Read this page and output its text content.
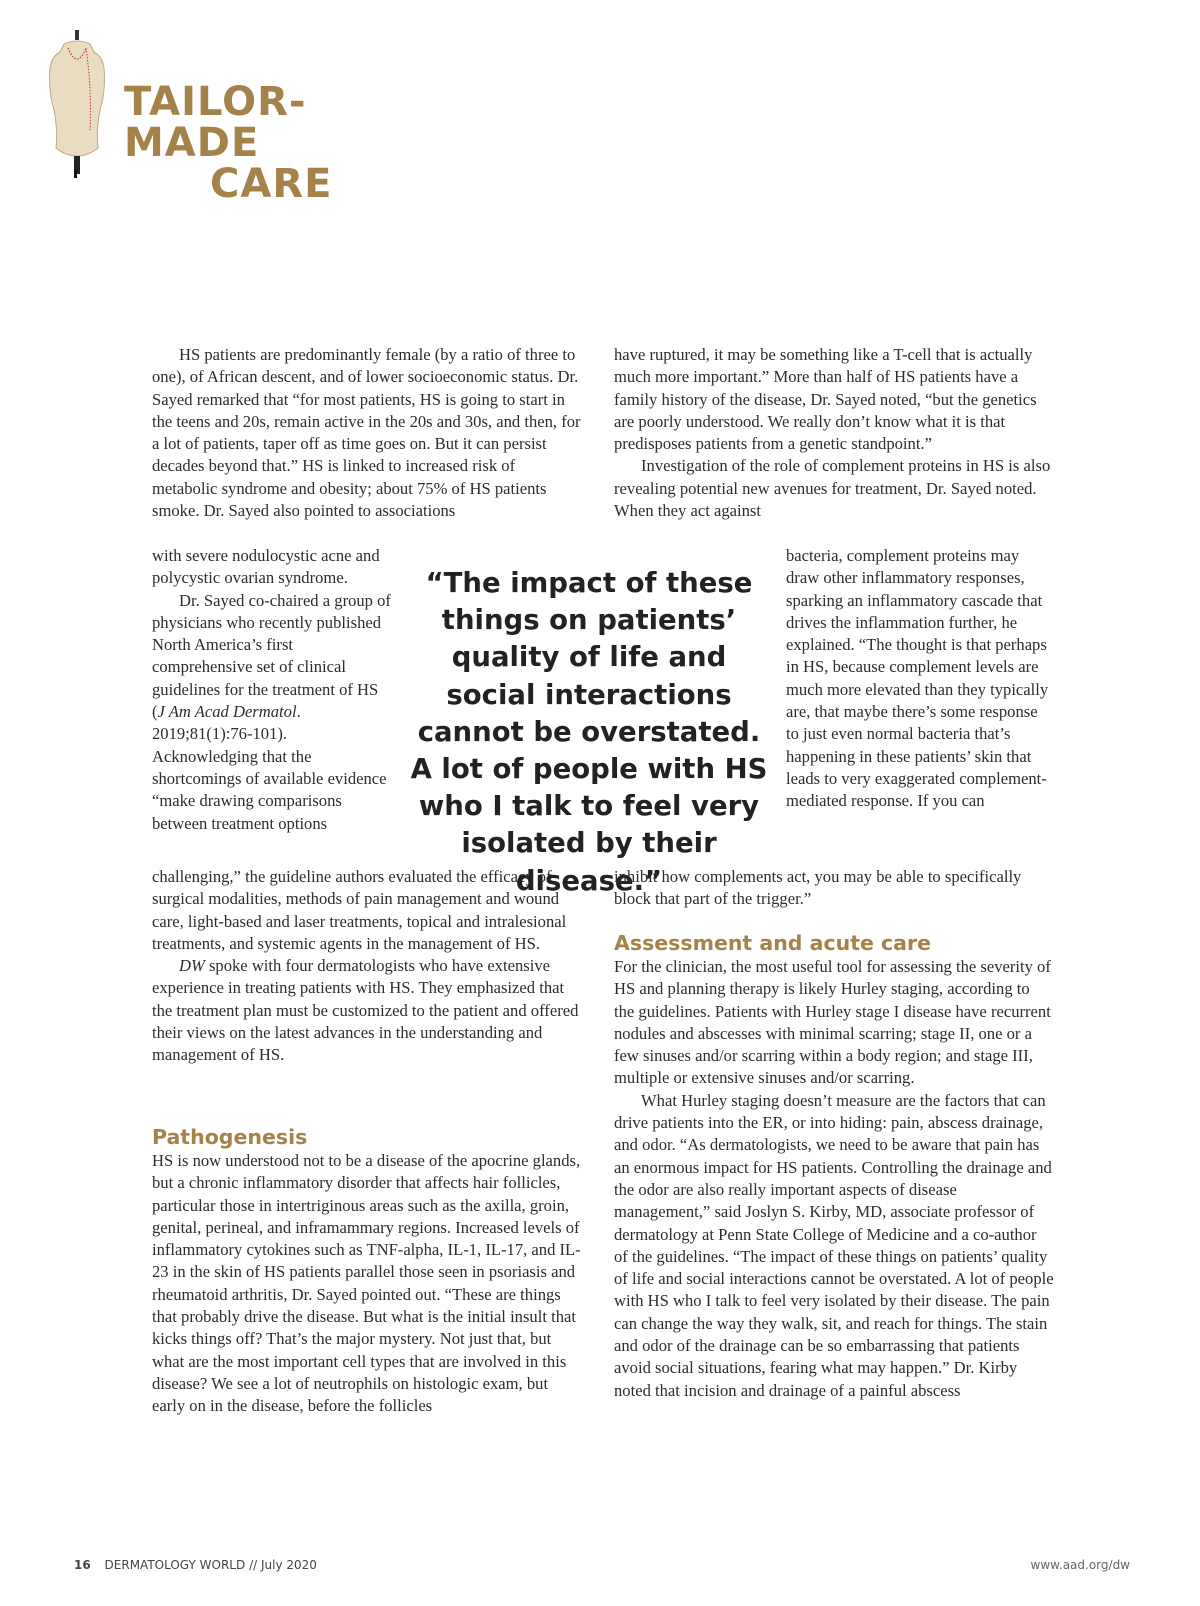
TAILOR-MADE
CARE

HS patients are predominantly female (by a ratio of three to one), of African descent, and of lower socioeconomic status. Dr. Sayed remarked that “for most patients, HS is going to start in the teens and 20s, remain active in the 20s and 30s, and then, for a lot of patients, taper off as time goes on. But it can persist decades beyond that.” HS is linked to increased risk of metabolic syndrome and obesity; about 75% of HS patients smoke. Dr. Sayed also pointed to associations

with severe nodulocystic acne and polycystic ovarian syndrome.

Dr. Sayed co-chaired a group of physicians who recently published North America’s first comprehensive set of clinical guidelines for the treatment of HS (J Am Acad Dermatol. 2019;81(1):76-101). Acknowledging that the shortcomings of available evidence “make drawing comparisons between treatment options

challenging,” the guideline authors evaluated the efficacy of surgical modalities, methods of pain management and wound care, light-based and laser treatments, topical and intralesional treatments, and systemic agents in the management of HS.

DW spoke with four dermatologists who have extensive experience in treating patients with HS. They emphasized that the treatment plan must be customized to the patient and offered their views on the latest advances in the understanding and management of HS.

Pathogenesis

HS is now understood not to be a disease of the apocrine glands, but a chronic inflammatory disorder that affects hair follicles, particular those in intertriginous areas such as the axilla, groin, genital, perineal, and inframammary regions. Increased levels of inflammatory cytokines such as TNF-alpha, IL-1, IL-17, and IL-23 in the skin of HS patients parallel those seen in psoriasis and rheumatoid arthritis, Dr. Sayed pointed out. “These are things that probably drive the disease. But what is the initial insult that kicks things off? That’s the major mystery. Not just that, but what are the most important cell types that are involved in this disease? We see a lot of neutrophils on histologic exam, but early on in the disease, before the follicles

“The impact of these things on patients’ quality of life and social interactions cannot be overstated. A lot of people with HS who I talk to feel very isolated by their disease.”

have ruptured, it may be something like a T-cell that is actually much more important.” More than half of HS patients have a family history of the disease, Dr. Sayed noted, “but the genetics are poorly understood. We really don’t know what it is that predisposes patients from a genetic standpoint.”

Investigation of the role of complement proteins in HS is also revealing potential new avenues for treatment, Dr. Sayed noted. When they act against

bacteria, complement proteins may draw other inflammatory responses, sparking an inflammatory cascade that drives the inflammation further, he explained. “The thought is that perhaps in HS, because complement levels are much more elevated than they typically are, that maybe there’s some response to just even normal bacteria that’s happening in these patients’ skin that leads to very exaggerated complement-mediated response. If you can

inhibit how complements act, you may be able to specifically block that part of the trigger.”

Assessment and acute care

For the clinician, the most useful tool for assessing the severity of HS and planning therapy is likely Hurley staging, according to the guidelines. Patients with Hurley stage I disease have recurrent nodules and abscesses with minimal scarring; stage II, one or a few sinuses and/or scarring within a body region; and stage III, multiple or extensive sinuses and/or scarring.

What Hurley staging doesn’t measure are the factors that can drive patients into the ER, or into hiding: pain, abscess drainage, and odor. “As dermatologists, we need to be aware that pain has an enormous impact for HS patients. Controlling the drainage and the odor are also really important aspects of disease management,” said Joslyn S. Kirby, MD, associate professor of dermatology at Penn State College of Medicine and a co-author of the guidelines. “The impact of these things on patients’ quality of life and social interactions cannot be overstated. A lot of people with HS who I talk to feel very isolated by their disease. The pain can change the way they walk, sit, and reach for things. The stain and odor of the drainage can be so embarrassing that patients avoid social situations, fearing what may happen.” Dr. Kirby noted that incision and drainage of a painful abscess

16 DERMATOLOGY WORLD // July 2020	www.aad.org/dw
